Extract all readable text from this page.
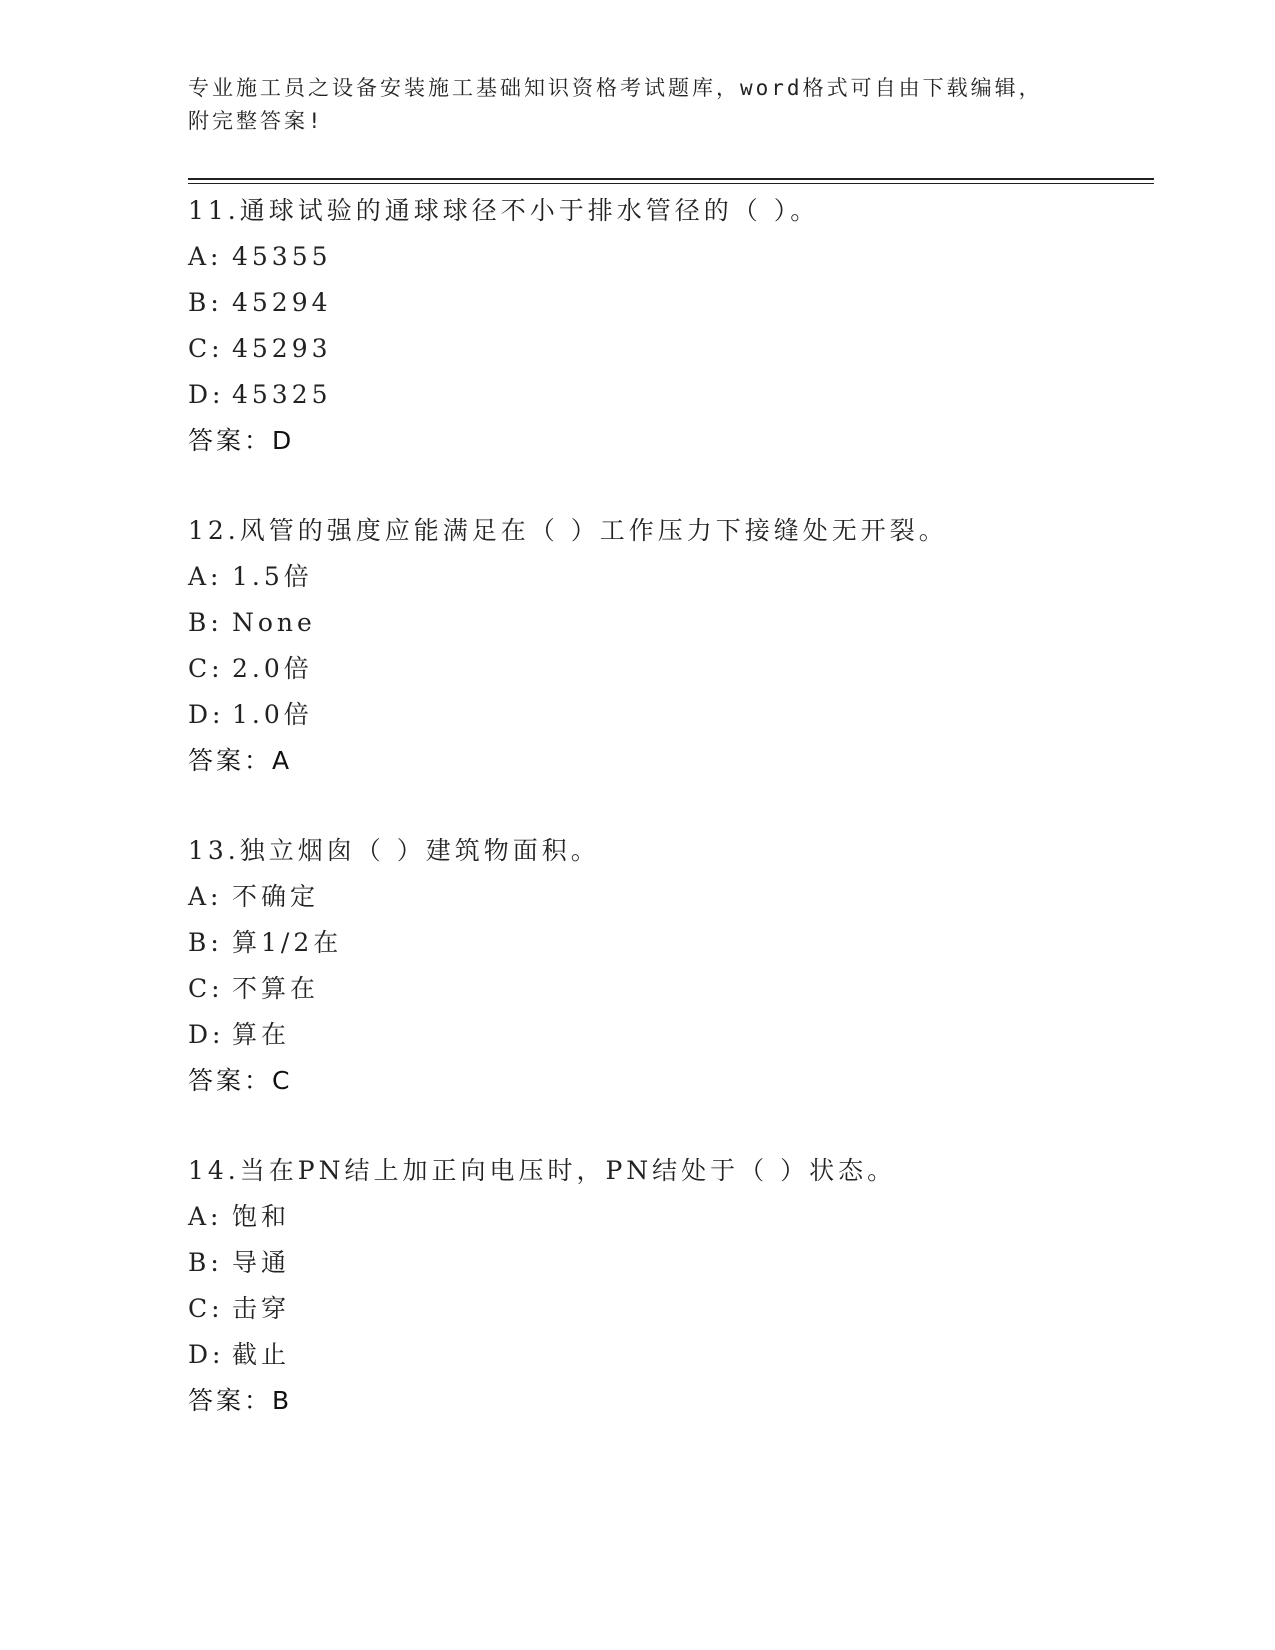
专业施工员之设备安装施工基础知识资格考试题库，word格式可自由下载编辑，
附完整答案!
11.通球试验的通球球径不小于排水管径的（ ）。
A: 45355
B: 45294
C: 45293
D: 45325
答案：D
12.风管的强度应能满足在（ ）工作压力下接缝处无开裂。
A: 1.5倍
B: None
C: 2.0倍
D: 1.0倍
答案：A
13.独立烟囱（ ）建筑物面积。
A: 不确定
B: 算1/2在
C: 不算在
D: 算在
答案：C
14.当在PN结上加正向电压时，PN结处于（ ）状态。
A: 饱和
B: 导通
C: 击穿
D: 截止
答案：B
